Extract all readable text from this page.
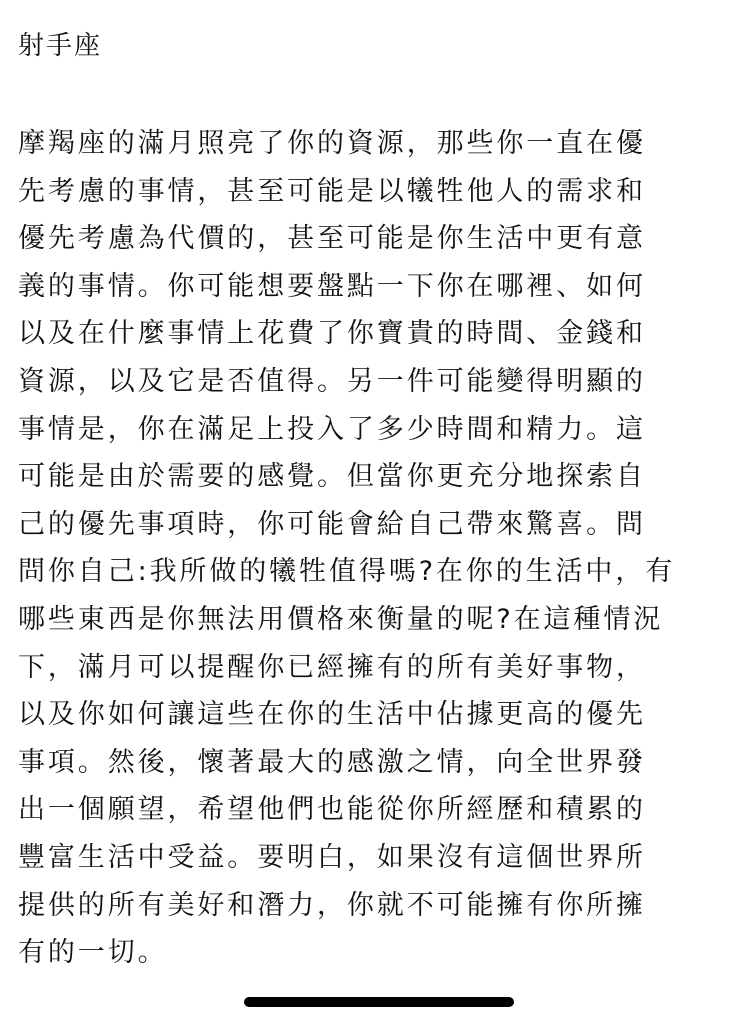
射手座
摩羯座的滿月照亮了你的資源，那些你一直在優
先考慮的事情，甚至可能是以犧牲他人的需求和
優先考慮為代價的，甚至可能是你生活中更有意
義的事情。你可能想要盤點一下你在哪裡、如何
以及在什麼事情上花費了你寶貴的時間、金錢和
資源，以及它是否值得。另一件可能變得明顯的
事情是，你在滿足上投入了多少時間和精力。這
可能是由於需要的感覺。但當你更充分地探索自
己的優先事項時，你可能會給自己帶來驚喜。問
問你自己:我所做的犧牲值得嗎?在你的生活中，有
哪些東西是你無法用價格來衡量的呢?在這種情況
下，滿月可以提醒你已經擁有的所有美好事物，
以及你如何讓這些在你的生活中佔據更高的優先
事項。然後，懷著最大的感激之情，向全世界發
出一個願望，希望他們也能從你所經歷和積累的
豐富生活中受益。要明白，如果沒有這個世界所
提供的所有美好和潛力，你就不可能擁有你所擁
有的一切。
